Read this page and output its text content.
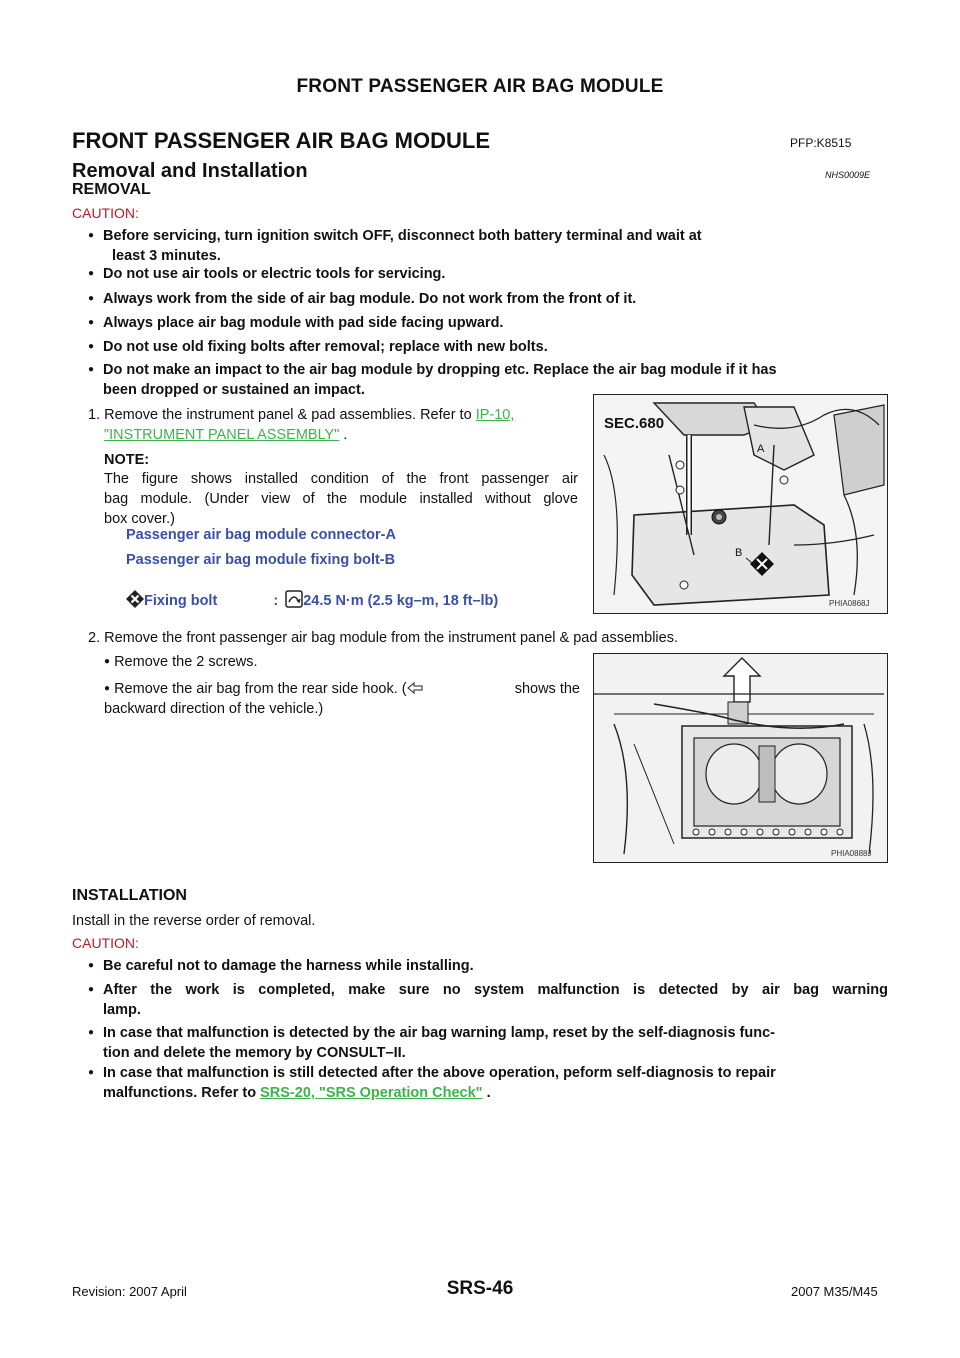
FRONT PASSENGER AIR BAG MODULE
FRONT PASSENGER AIR BAG MODULE	PFP:K8515
Removal and Installation	NHS0009E
REMOVAL
CAUTION:
● Before servicing, turn ignition switch OFF, disconnect both battery terminal and wait at
least 3 minutes.
● Do not use air tools or electric tools for servicing.
● Always work from the side of air bag module. Do not work from the front of it.
● Always place air bag module with pad side facing upward.
● Do not use old fixing bolts after removal; replace with new bolts.
● Do not make an impact to the air bag module by dropping etc. Replace the air bag module if it has
been dropped or sustained an impact.
1. Remove the instrument panel & pad assemblies. Refer to IP-10,
"INSTRUMENT PANEL ASSEMBLY" .
NOTE:
The figure shows installed condition of the front passenger air
bag module. (Under view of the module installed without glove
box cover.)
Passenger air bag module connector-A
Passenger air bag module fixing bolt-B
Fixing bolt	: 24.5 N·m (2.5 kg–m, 18 ft–lb)
SEC.680
A
B
PHIA0868J
2. Remove the front passenger air bag module from the instrument panel & pad assemblies.
● Remove the 2 screws.
● Remove the air bag from the rear side hook. (	shows the
backward direction of the vehicle.)
PHIA0888J
INSTALLATION
Install in the reverse order of removal.
CAUTION:
● Be careful not to damage the harness while installing.
● After the work is completed, make sure no system malfunction is detected by air bag warning
lamp.
● In case that malfunction is detected by the air bag warning lamp, reset by the self-diagnosis func-
tion and delete the memory by CONSULT–II.
● In case that malfunction is still detected after the above operation, peform self-diagnosis to repair
malfunctions. Refer to SRS-20, "SRS Operation Check" .
Revision: 2007 April	SRS-46	2007 M35/M45
